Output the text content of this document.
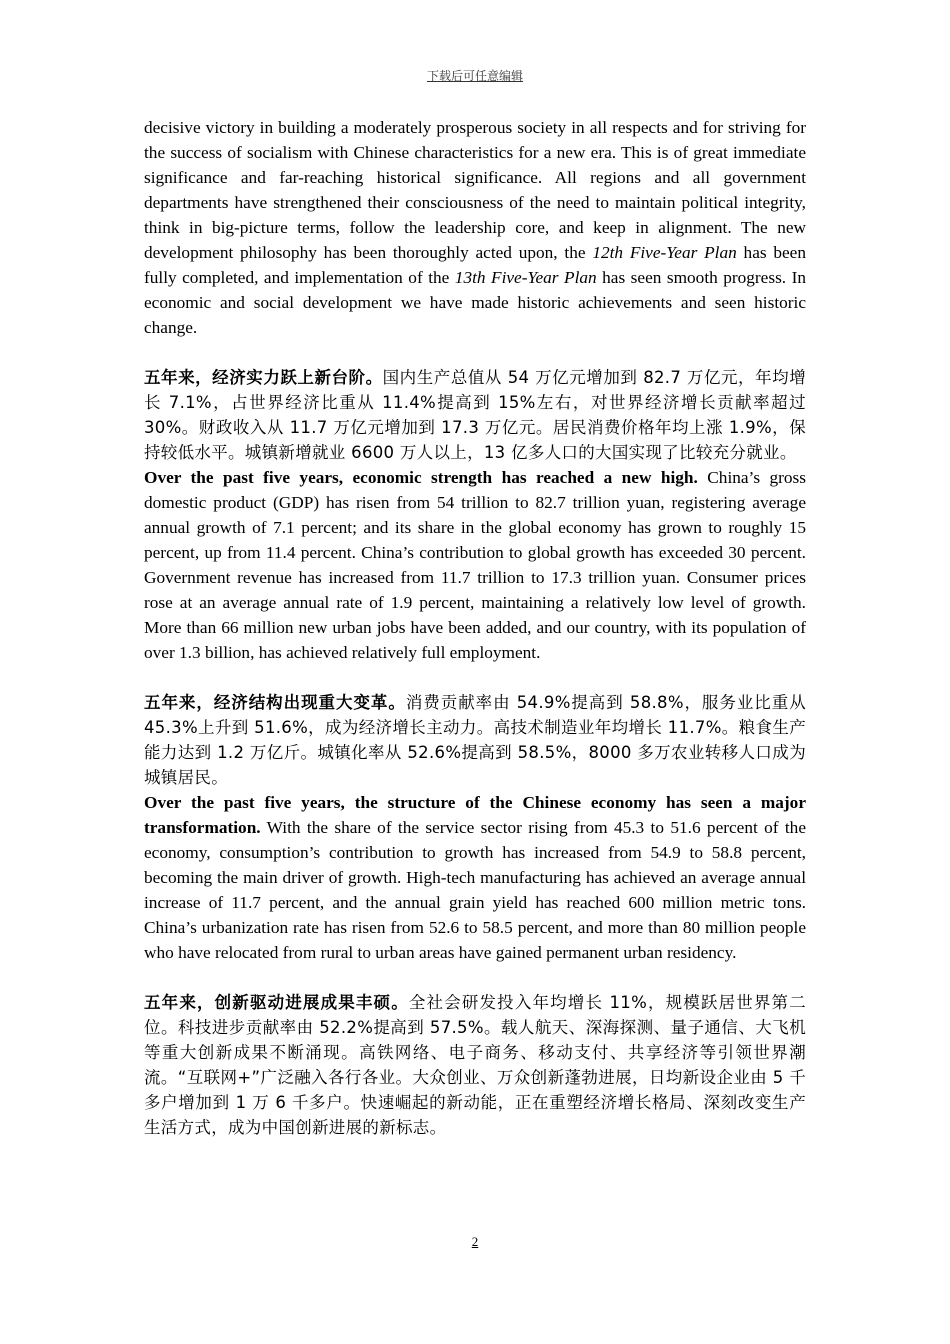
下载后可任意编辑

decisive victory in building a moderately prosperous society in all respects and for striving for the success of socialism with Chinese characteristics for a new era. This is of great immediate significance and far-reaching historical significance. All regions and all government departments have strengthened their consciousness of the need to maintain political integrity, think in big-picture terms, follow the leadership core, and keep in alignment. The new development philosophy has been thoroughly acted upon, the 12th Five-Year Plan has been fully completed, and implementation of the 13th Five-Year Plan has seen smooth progress. In economic and social development we have made historic achievements and seen historic change.

五年来，经济实力跃上新台阶。国内生产总值从 54 万亿元增加到 82.7 万亿元，年均增长 7.1%，占世界经济比重从 11.4%提高到 15%左右，对世界经济增长贡献率超过 30%。财政收入从 11.7 万亿元增加到 17.3 万亿元。居民消费价格年均上涨 1.9%，保持较低水平。城镇新增就业 6600 万人以上，13 亿多人口的大国实现了比较充分就业。

Over the past five years, economic strength has reached a new high. China’s gross domestic product (GDP) has risen from 54 trillion to 82.7 trillion yuan, registering average annual growth of 7.1 percent; and its share in the global economy has grown to roughly 15 percent, up from 11.4 percent. China’s contribution to global growth has exceeded 30 percent. Government revenue has increased from 11.7 trillion to 17.3 trillion yuan. Consumer prices rose at an average annual rate of 1.9 percent, maintaining a relatively low level of growth. More than 66 million new urban jobs have been added, and our country, with its population of over 1.3 billion, has achieved relatively full employment.

五年来，经济结构出现重大变革。消费贡献率由 54.9%提高到 58.8%，服务业比重从 45.3%上升到 51.6%，成为经济增长主动力。高技术制造业年均增长 11.7%。粮食生产能力达到 1.2 万亿斤。城镇化率从 52.6%提高到 58.5%，8000 多万农业转移人口成为城镇居民。

Over the past five years, the structure of the Chinese economy has seen a major transformation. With the share of the service sector rising from 45.3 to 51.6 percent of the economy, consumption’s contribution to growth has increased from 54.9 to 58.8 percent, becoming the main driver of growth. High-tech manufacturing has achieved an average annual increase of 11.7 percent, and the annual grain yield has reached 600 million metric tons. China’s urbanization rate has risen from 52.6 to 58.5 percent, and more than 80 million people who have relocated from rural to urban areas have gained permanent urban residency.

五年来，创新驱动进展成果丰硕。全社会研发投入年均增长 11%，规模跃居世界第二位。科技进步贡献率由 52.2%提高到 57.5%。载人航天、深海探测、量子通信、大飞机等重大创新成果不断涌现。高铁网络、电子商务、移动支付、共享经济等引领世界潮流。“互联网+”广泛融入各行各业。大众创业、万众创新蓬勃进展，日均新设企业由 5 千多户增加到 1 万 6 千多户。快速崛起的新动能，正在重塑经济增长格局、深刻改变生产生活方式，成为中国创新进展的新标志。

2
